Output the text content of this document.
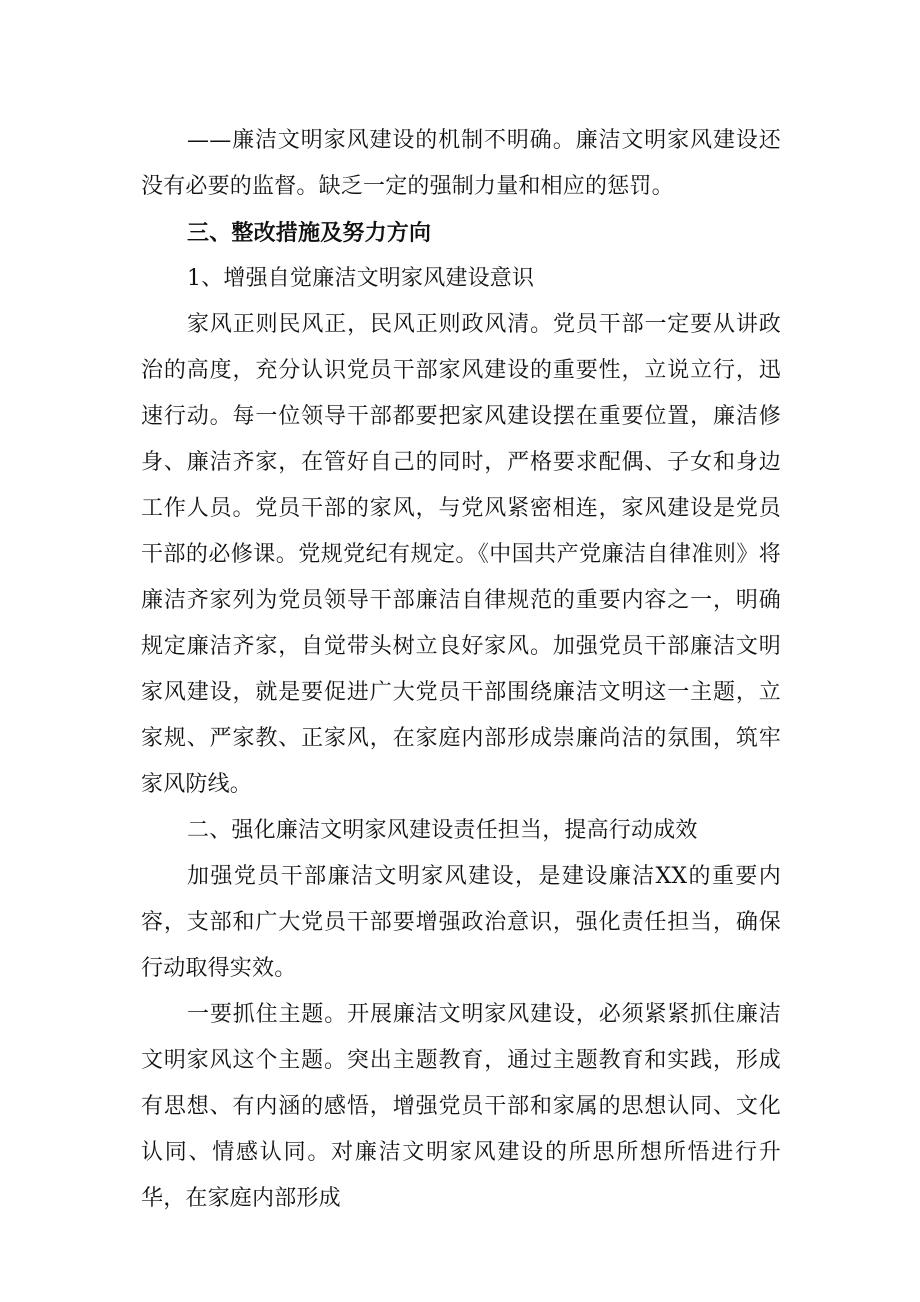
——廉洁文明家风建设的机制不明确。廉洁文明家风建设还没有必要的监督。缺乏一定的强制力量和相应的惩罚。

三、整改措施及努力方向

1、增强自觉廉洁文明家风建设意识

家风正则民风正，民风正则政风清。党员干部一定要从讲政治的高度，充分认识党员干部家风建设的重要性，立说立行，迅速行动。每一位领导干部都要把家风建设摆在重要位置，廉洁修身、廉洁齐家，在管好自己的同时，严格要求配偶、子女和身边工作人员。党员干部的家风，与党风紧密相连，家风建设是党员干部的必修课。党规党纪有规定。《中国共产党廉洁自律准则》将廉洁齐家列为党员领导干部廉洁自律规范的重要内容之一，明确规定廉洁齐家，自觉带头树立良好家风。加强党员干部廉洁文明家风建设，就是要促进广大党员干部围绕廉洁文明这一主题，立家规、严家教、正家风，在家庭内部形成崇廉尚洁的氛围，筑牢家风防线。

二、强化廉洁文明家风建设责任担当，提高行动成效

加强党员干部廉洁文明家风建设，是建设廉洁XX的重要内容，支部和广大党员干部要增强政治意识，强化责任担当，确保行动取得实效。

一要抓住主题。开展廉洁文明家风建设，必须紧紧抓住廉洁文明家风这个主题。突出主题教育，通过主题教育和实践，形成有思想、有内涵的感悟，增强党员干部和家属的思想认同、文化认同、情感认同。对廉洁文明家风建设的所思所想所悟进行升华，在家庭内部形成
